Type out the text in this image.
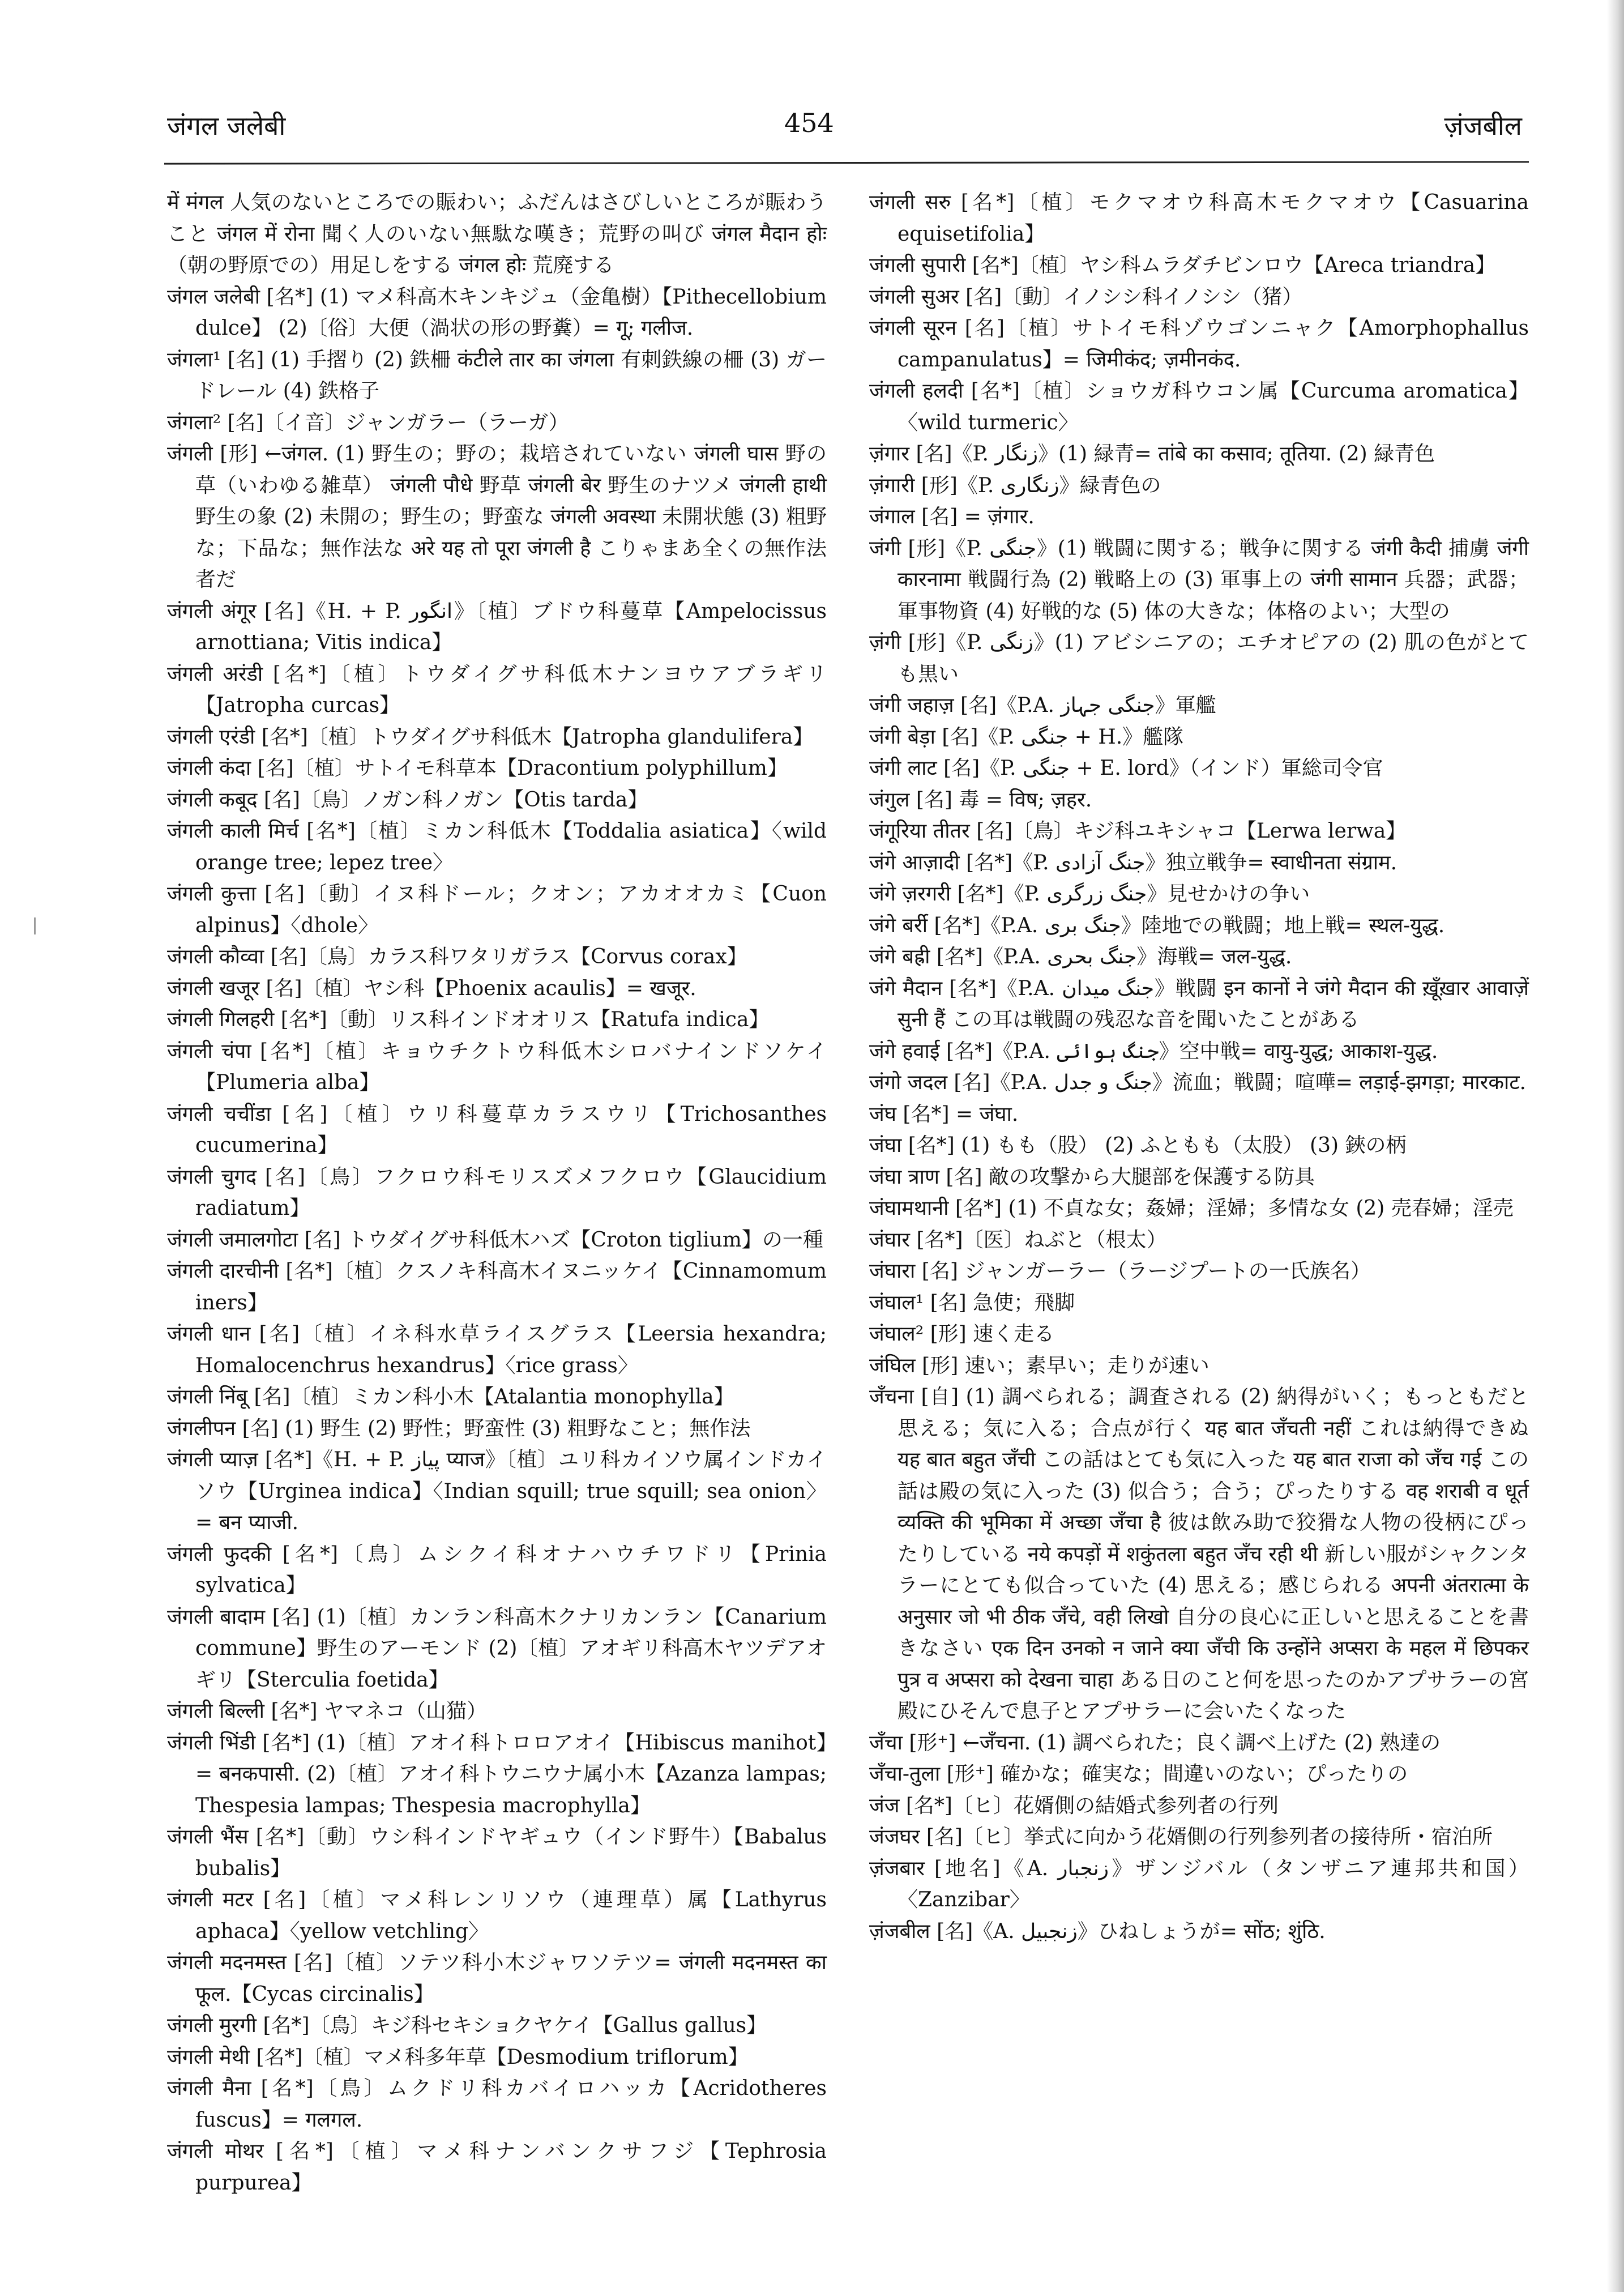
जंगल जलेबी	454	ज़ंजबील

में मंगल 人気のないところでの賑わい；ふだんはさびしいところが賑わうこと जंगल में रोना 聞く人のいない無駄な嘆き；荒野の叫び जंगल मैदान होः（朝の野原での）用足しをする जंगल होः 荒廃する

जंगल जलेबी [名*] (1) マメ科高木キンキジュ（金亀樹）【Pithecellobium dulce】 (2)〔俗〕大便（渦状の形の野糞）= गू; गलीज.

जंगला¹ [名] (1) 手摺り (2) 鉄柵 कंटीले तार का जंगला 有刺鉄線の柵 (3) ガードレール (4) 鉄格子

जंगला² [名]〔イ音〕ジャンガラー（ラーガ）

जंगली [形] ←जंगल. (1) 野生の；野の；栽培されていない जंगली घास 野の草（いわゆる雑草） जंगली पौधे 野草 जंगली बेर 野生のナツメ जंगली हाथी 野生の象 (2) 未開の；野生の；野蛮な जंगली अवस्था 未開状態 (3) 粗野な；下品な；無作法な अरे यह तो पूरा जंगली है こりゃまあ全くの無作法者だ

जंगली अंगूर [名]《H. + P. انگور》〔植〕ブドウ科蔓草【Ampelocissus arnottiana; Vitis indica】

जंगली अरंडी [名*]〔植〕トウダイグサ科低木ナンヨウアブラギリ【Jatropha curcas】

जंगली एरंडी [名*]〔植〕トウダイグサ科低木【Jatropha glandulifera】

जंगली कंदा [名]〔植〕サトイモ科草本【Dracontium polyphillum】

जंगली कबूद [名]〔鳥〕ノガン科ノガン【Otis tarda】

जंगली काली मिर्च [名*]〔植〕ミカン科低木【Toddalia asiatica】〈wild orange tree; lepez tree〉

जंगली कुत्ता [名]〔動〕イヌ科ドール；クオン；アカオオカミ【Cuon alpinus】〈dhole〉

जंगली कौव्वा [名]〔鳥〕カラス科ワタリガラス【Corvus corax】

जंगली खजूर [名]〔植〕ヤシ科【Phoenix acaulis】= खजूर.

जंगली गिलहरी [名*]〔動〕リス科インドオオリス【Ratufa indica】

जंगली चंपा [名*]〔植〕キョウチクトウ科低木シロバナインドソケイ【Plumeria alba】

जंगली चचींडा [名]〔植〕ウリ科蔓草カラスウリ【Trichosanthes cucumerina】

जंगली चुगद [名]〔鳥〕フクロウ科モリスズメフクロウ【Glaucidium radiatum】

जंगली जमालगोटा [名] トウダイグサ科低木ハズ【Croton tiglium】の一種

जंगली दारचीनी [名*]〔植〕クスノキ科高木イヌニッケイ【Cinnamomum iners】

जंगली धान [名]〔植〕イネ科水草ライスグラス【Leersia hexandra; Homalocenchrus hexandrus】〈rice grass〉

जंगली निंबू [名]〔植〕ミカン科小木【Atalantia monophylla】

जंगलीपन [名] (1) 野生 (2) 野性；野蛮性 (3) 粗野なこと；無作法

जंगली प्याज़ [名*]《H. + P. پیاز प्याज》〔植〕ユリ科カイソウ属インドカイソウ【Urginea indica】〈Indian squill; true squill; sea onion〉= बन प्याजी.

जंगली फुदकी [名*]〔鳥〕ムシクイ科オナハウチワドリ【Prinia sylvatica】

जंगली बादाम [名] (1)〔植〕カンラン科高木クナリカンラン【Canarium commune】野生のアーモンド (2)〔植〕アオギリ科高木ヤツデアオギリ【Sterculia foetida】

जंगली बिल्ली [名*] ヤマネコ（山猫）

जंगली भिंडी [名*] (1)〔植〕アオイ科トロロアオイ【Hibiscus manihot】= बनकपासी. (2)〔植〕アオイ科トウニウナ属小木【Azanza lampas; Thespesia lampas; Thespesia macrophylla】

जंगली भैंस [名*]〔動〕ウシ科インドヤギュウ（インド野牛）【Babalus bubalis】

जंगली मटर [名]〔植〕マメ科レンリソウ（連理草）属【Lathyrus aphaca】〈yellow vetchling〉

जंगली मदनमस्त [名]〔植〕ソテツ科小木ジャワソテツ= जंगली मदनमस्त का फूल.【Cycas circinalis】

जंगली मुरगी [名*]〔鳥〕キジ科セキショクヤケイ【Gallus gallus】

जंगली मेथी [名*]〔植〕マメ科多年草【Desmodium triflorum】

जंगली मैना [名*]〔鳥〕ムクドリ科カバイロハッカ【Acridotheres fuscus】= गलगल.

जंगली मोथर [名*]〔植〕マメ科ナンバンクサフジ【Tephrosia purpurea】

जंगली सरु [名*]〔植〕モクマオウ科高木モクマオウ【Casuarina equisetifolia】

जंगली सुपारी [名*]〔植〕ヤシ科ムラダチビンロウ【Areca triandra】

जंगली सुअर [名]〔動〕イノシシ科イノシシ（猪）

जंगली सूरन [名]〔植〕サトイモ科ゾウゴンニャク【Amorphophallus campanulatus】= जिमीकंद; ज़मीनकंद.

जंगली हलदी [名*]〔植〕ショウガ科ウコン属【Curcuma aromatica】〈wild turmeric〉

ज़ंगार [名]《P. زنگار》(1) 緑青= तांबे का कसाव; तूतिया. (2) 緑青色

ज़ंगारी [形]《P. زنگاری》緑青色の

जंगाल [名] = ज़ंगार.

जंगी [形]《P. جنگی》(1) 戦闘に関する；戦争に関する जंगी कैदी 捕虜 जंगी कारनामा 戦闘行為 (2) 戦略上の (3) 軍事上の जंगी सामान 兵器；武器；軍事物資 (4) 好戦的な (5) 体の大きな；体格のよい；大型の

ज़ंगी [形]《P. زنگی》(1) アビシニアの；エチオピアの (2) 肌の色がとても黒い

जंगी जहाज़ [名]《P.A. جنگی جہاز》軍艦

जंगी बेड़ा [名]《P. جنگی + H.》艦隊

जंगी लाट [名]《P. جنگی + E. lord》（インド）軍総司令官

जंगुल [名] 毒 = विष; ज़हर.

जंगूरिया तीतर [名]〔鳥〕キジ科ユキシャコ【Lerwa lerwa】

जंगे आज़ादी [名*]《P. جنگ آزادی》独立戦争= स्वाधीनता संग्राम.

जंगे ज़रगरी [名*]《P. جنگ زرگری》見せかけの争い

जंगे बर्री [名*]《P.A. جنگ بری》陸地での戦闘；地上戦= स्थल-युद्ध.

जंगे बह्री [名*]《P.A. جنگ بحری》海戦= जल-युद्ध.

जंगे मैदान [名*]《P.A. جنگ میدان》戦闘 इन कानों ने जंगे मैदान की ख़ूँख़ार आवाज़ें सुनी हैं この耳は戦闘の残忍な音を聞いたことがある

जंगे हवाई [名*]《P.A. جنگ ہوائی》空中戦= वायु-युद्ध; आकाश-युद्ध.

जंगो जदल [名]《P.A. جنگ و جدل》流血；戦闘；喧嘩= लड़ाई-झगड़ा; मारकाट.

जंघ [名*] = जंघा.

जंघा [名*] (1) もも（股） (2) ふともも（太股） (3) 鋏の柄

जंघा त्राण [名] 敵の攻撃から大腿部を保護する防具

जंघामथानी [名*] (1) 不貞な女；姦婦；淫婦；多情な女 (2) 売春婦；淫売

जंघार [名*]〔医〕ねぶと（根太）

जंघारा [名] ジャンガーラー（ラージプートの一氏族名）

जंघाल¹ [名] 急使；飛脚

जंघाल² [形] 速く走る

जंघिल [形] 速い；素早い；走りが速い

जँचना [自] (1) 調べられる；調査される (2) 納得がいく；もっともだと思える；気に入る；合点が行く यह बात जँचती नहीं これは納得できぬ यह बात बहुत जँची この話はとても気に入った यह बात राजा को जँच गई この話は殿の気に入った (3) 似合う；合う；ぴったりする वह शराबी व धूर्त व्यक्ति की भूमिका में अच्छा जँचा है 彼は飲み助で狡猾な人物の役柄にぴったりしている नये कपड़ों में शकुंतला बहुत जँच रही थी 新しい服がシャクンタラーにとても似合っていた (4) 思える；感じられる अपनी अंतरात्मा के अनुसार जो भी ठीक जँचे, वही लिखो 自分の良心に正しいと思えることを書きなさい एक दिन उनको न जाने क्या जँची कि उन्होंने अप्सरा के महल में छिपकर पुत्र व अप्सरा को देखना चाहा ある日のこと何を思ったのかアプサラーの宮殿にひそんで息子とアプサラーに会いたくなった

जँचा [形⁺] ←जँचना. (1) 調べられた；良く調べ上げた (2) 熟達の

जँचा-तुला [形⁺] 確かな；確実な；間違いのない；ぴったりの

जंज [名*]〔ヒ〕花婿側の結婚式参列者の行列

जंजघर [名]〔ヒ〕挙式に向かう花婿側の行列参列者の接待所・宿泊所

ज़ंजबार [地名]《A. زنجبار》ザンジバル（タンザニア連邦共和国）〈Zanzibar〉

ज़ंजबील [名]《A. زنجبیل》ひねしょうが= सोंठ; शुंठि.
